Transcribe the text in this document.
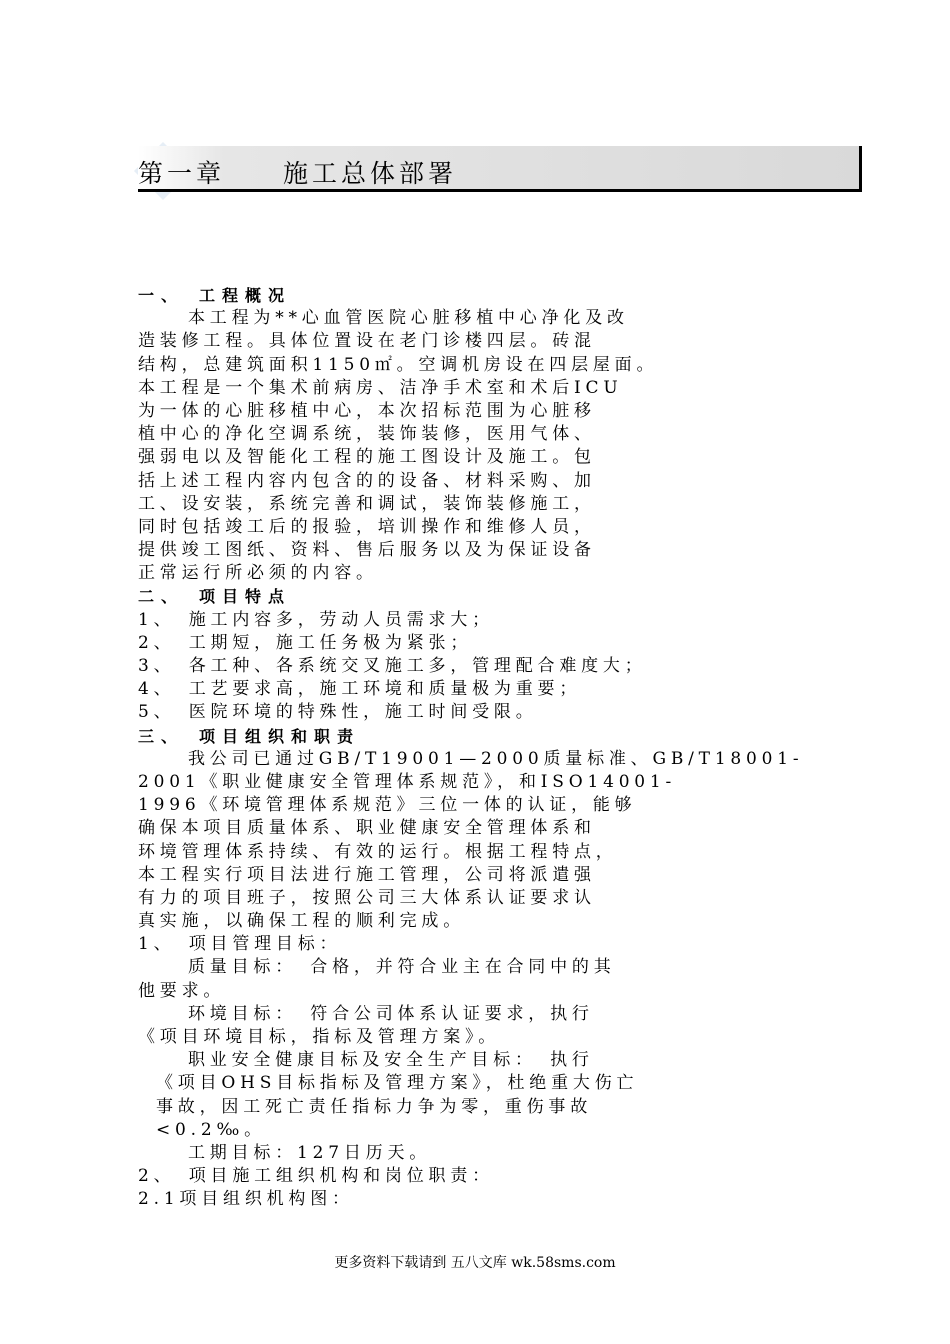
第一章　　施工总体部署
一、　工程概况
本工程为**心血管医院心脏移植中心净化及改
造装修工程。具体位置设在老门诊楼四层。砖混
结构，总建筑面积1150㎡。空调机房设在四层屋面。
本工程是一个集术前病房、洁净手术室和术后ICU
为一体的心脏移植中心，本次招标范围为心脏移
植中心的净化空调系统，装饰装修，医用气体、
强弱电以及智能化工程的施工图设计及施工。包
括上述工程内容内包含的的设备、材料采购、加
工、设安装，系统完善和调试，装饰装修施工，
同时包括竣工后的报验，培训操作和维修人员，
提供竣工图纸、资料、售后服务以及为保证设备
正常运行所必须的内容。
二、　项目特点
1、　施工内容多，劳动人员需求大；
2、　工期短，施工任务极为紧张；
3、　各工种、各系统交叉施工多，管理配合难度大；
4、　工艺要求高，施工环境和质量极为重要；
5、　医院环境的特殊性，施工时间受限。
三、　项目组织和职责
我公司已通过GB/T19001—2000质量标准、GB/T18001-
2001《职业健康安全管理体系规范》，和ISO14001-
1996《环境管理体系规范》三位一体的认证，能够
确保本项目质量体系、职业健康安全管理体系和
环境管理体系持续、有效的运行。根据工程特点，
本工程实行项目法进行施工管理，公司将派遣强
有力的项目班子，按照公司三大体系认证要求认
真实施，以确保工程的顺利完成。
1、　项目管理目标：
质量目标：　合格，并符合业主在合同中的其
他要求。
环境目标：　符合公司体系认证要求，执行
《项目环境目标，指标及管理方案》。
职业安全健康目标及安全生产目标：　执行
《项目OHS目标指标及管理方案》，杜绝重大伤亡
事故，因工死亡责任指标力争为零，重伤事故
<0.2‰。
工期目标：127日历天。
2、　项目施工组织机构和岗位职责：
2.1项目组织机构图：
更多资料下载请到 五八文库 wk.58sms.com
